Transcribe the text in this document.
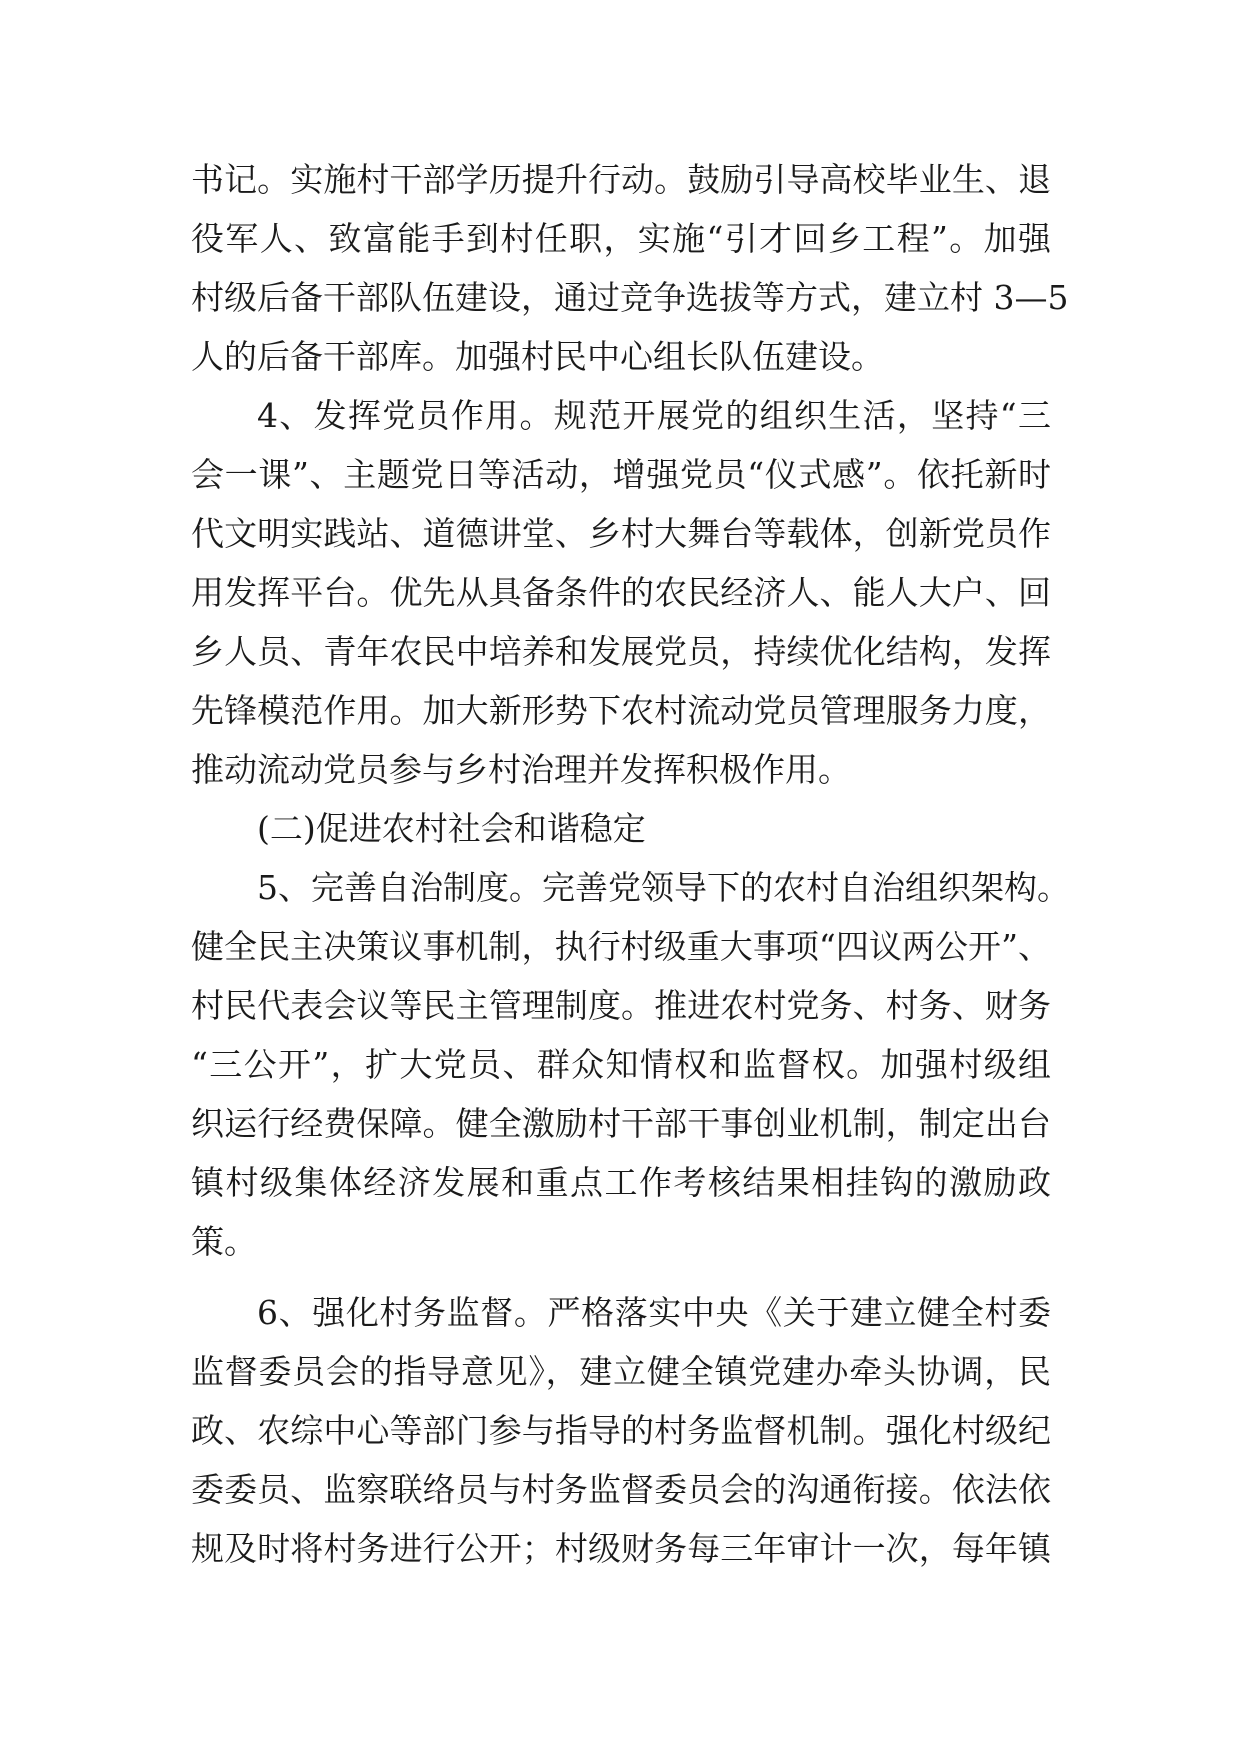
书记。实施村干部学历提升行动。鼓励引导高校毕业生、退
役军人、致富能手到村任职，实施“引才回乡工程”。加强
村级后备干部队伍建设，通过竞争选拔等方式，建立村 3—5
人的后备干部库。加强村民中心组长队伍建设。
4、发挥党员作用。规范开展党的组织生活，坚持“三
会一课”、主题党日等活动，增强党员“仪式感”。依托新时
代文明实践站、道德讲堂、乡村大舞台等载体，创新党员作
用发挥平台。优先从具备条件的农民经济人、能人大户、回
乡人员、青年农民中培养和发展党员，持续优化结构，发挥
先锋模范作用。加大新形势下农村流动党员管理服务力度，
推动流动党员参与乡村治理并发挥积极作用。
(二)促进农村社会和谐稳定
5、完善自治制度。完善党领导下的农村自治组织架构。
健全民主决策议事机制，执行村级重大事项“四议两公开”、
村民代表会议等民主管理制度。推进农村党务、村务、财务
“三公开”，扩大党员、群众知情权和监督权。加强村级组
织运行经费保障。健全激励村干部干事创业机制，制定出台
镇村级集体经济发展和重点工作考核结果相挂钩的激励政
策。
6、强化村务监督。严格落实中央《关于建立健全村委
监督委员会的指导意见》，建立健全镇党建办牵头协调，民
政、农综中心等部门参与指导的村务监督机制。强化村级纪
委委员、监察联络员与村务监督委员会的沟通衔接。依法依
规及时将村务进行公开；村级财务每三年审计一次，每年镇
